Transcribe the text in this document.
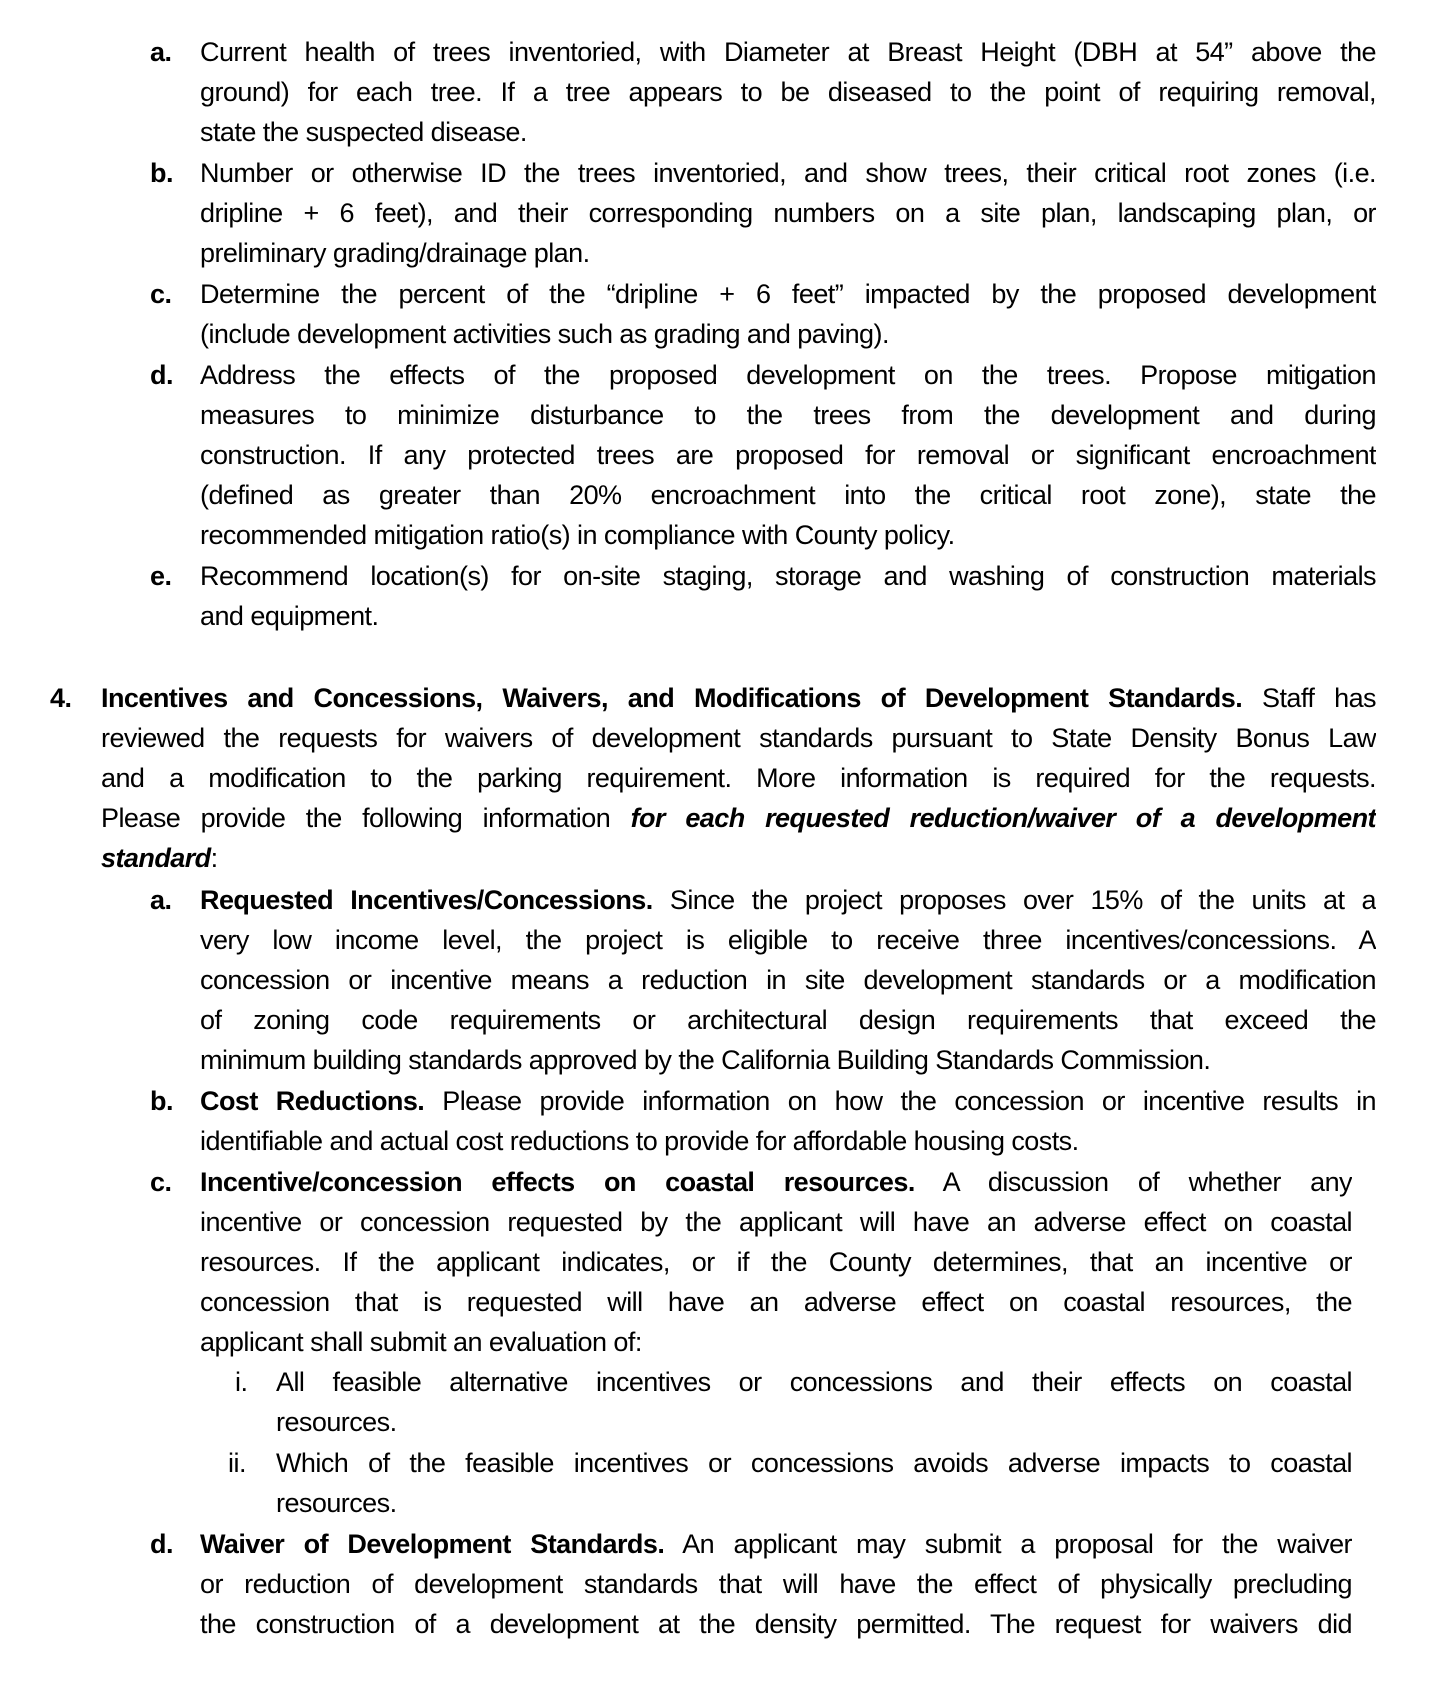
a. Current health of trees inventoried, with Diameter at Breast Height (DBH at 54” above the
ground) for each tree. If a tree appears to be diseased to the point of requiring removal,
state the suspected disease.
b. Number or otherwise ID the trees inventoried, and show trees, their critical root zones (i.e.
dripline + 6 feet), and their corresponding numbers on a site plan, landscaping plan, or
preliminary grading/drainage plan.
c. Determine the percent of the “dripline + 6 feet” impacted by the proposed development
(include development activities such as grading and paving).
d. Address the effects of the proposed development on the trees. Propose mitigation
measures to minimize disturbance to the trees from the development and during
construction. If any protected trees are proposed for removal or significant encroachment
(defined as greater than 20% encroachment into the critical root zone), state the
recommended mitigation ratio(s) in compliance with County policy.
e. Recommend location(s) for on-site staging, storage and washing of construction materials
and equipment.
4. Incentives and Concessions, Waivers, and Modifications of Development Standards. Staff has
reviewed the requests for waivers of development standards pursuant to State Density Bonus Law
and a modification to the parking requirement. More information is required for the requests.
Please provide the following information for each requested reduction/waiver of a development
standard:
a. Requested Incentives/Concessions. Since the project proposes over 15% of the units at a
very low income level, the project is eligible to receive three incentives/concessions. A
concession or incentive means a reduction in site development standards or a modification
of zoning code requirements or architectural design requirements that exceed the
minimum building standards approved by the California Building Standards Commission.
b. Cost Reductions. Please provide information on how the concession or incentive results in
identifiable and actual cost reductions to provide for affordable housing costs.
c. Incentive/concession effects on coastal resources. A discussion of whether any
incentive or concession requested by the applicant will have an adverse effect on coastal
resources. If the applicant indicates, or if the County determines, that an incentive or
concession that is requested will have an adverse effect on coastal resources, the
applicant shall submit an evaluation of:
i. All feasible alternative incentives or concessions and their effects on coastal
resources.
ii. Which of the feasible incentives or concessions avoids adverse impacts to coastal
resources.
d. Waiver of Development Standards. An applicant may submit a proposal for the waiver
or reduction of development standards that will have the effect of physically precluding
the construction of a development at the density permitted. The request for waivers did
